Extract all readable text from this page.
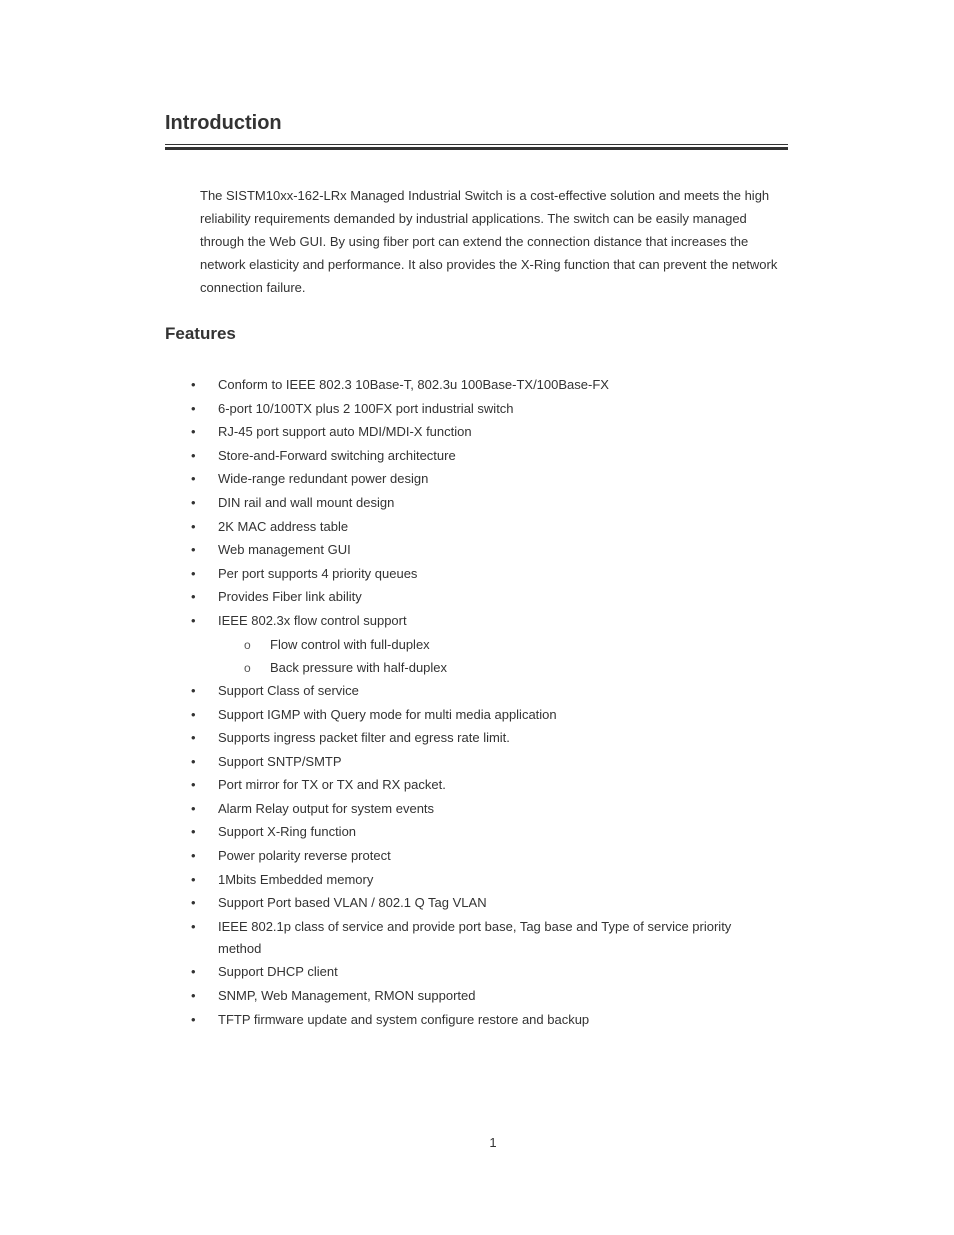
Introduction

The SISTM10xx-162-LRx Managed Industrial Switch is a cost-effective solution and meets the high
reliability requirements demanded by industrial applications. The switch can be easily managed
through the Web GUI. By using fiber port can extend the connection distance that increases the
network elasticity and performance. It also provides the X-Ring function that can prevent the network
connection failure.

Features
• Conform to IEEE 802.3 10Base-T, 802.3u 100Base-TX/100Base-FX
• 6-port 10/100TX plus 2 100FX port industrial switch
• RJ-45 port support auto MDI/MDI-X function
• Store-and-Forward switching architecture
• Wide-range redundant power design
• DIN rail and wall mount design
• 2K MAC address table
• Web management GUI
• Per port supports 4 priority queues
• Provides Fiber link ability
• IEEE 802.3x flow control support
o Flow control with full-duplex
o Back pressure with half-duplex
• Support Class of service
• Support IGMP with Query mode for multi media application
• Supports ingress packet filter and egress rate limit.
• Support SNTP/SMTP
• Port mirror for TX or TX and RX packet.
• Alarm Relay output for system events
• Support X-Ring function
• Power polarity reverse protect
• 1Mbits Embedded memory
• Support Port based VLAN / 802.1 Q Tag VLAN
• IEEE 802.1p class of service and provide port base, Tag base and Type of service priority method
• Support DHCP client
• SNMP, Web Management, RMON supported
• TFTP firmware update and system configure restore and backup
1
